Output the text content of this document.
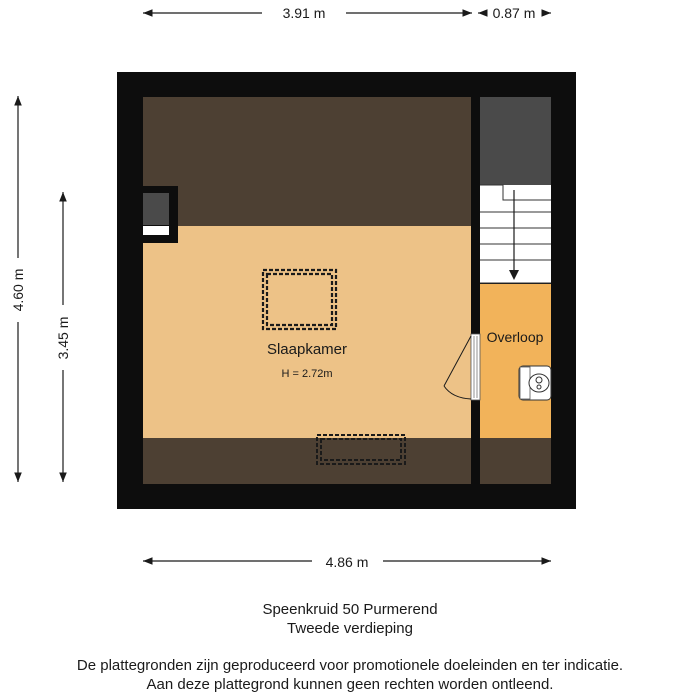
3.91 m	0.87 m
4.60 m
3.45 m
4.86 m
Slaapkamer
H = 2.72m
Overloop
Speenkruid 50 Purmerend
Tweede verdieping
De plattegronden zijn geproduceerd voor promotionele doeleinden en ter indicatie.
Aan deze plattegrond kunnen geen rechten worden ontleend.
